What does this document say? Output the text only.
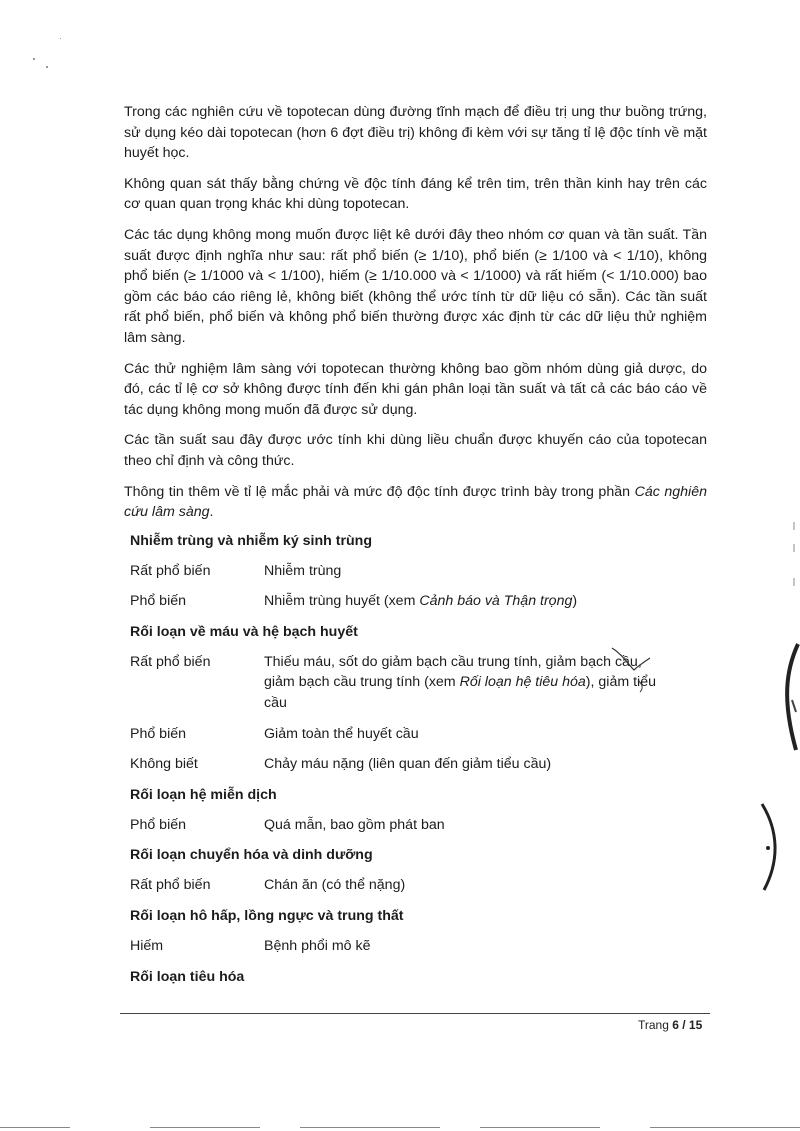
Trong các nghiên cứu về topotecan dùng đường tĩnh mạch để điều trị ung thư buồng trứng, sử dụng kéo dài topotecan (hơn 6 đợt điều trị) không đi kèm với sự tăng tỉ lệ độc tính về mặt huyết học.

Không quan sát thấy bằng chứng về độc tính đáng kể trên tim, trên thần kinh hay trên các cơ quan quan trọng khác khi dùng topotecan.

Các tác dụng không mong muốn được liệt kê dưới đây theo nhóm cơ quan và tần suất. Tần suất được định nghĩa như sau: rất phổ biến (≥ 1/10), phổ biến (≥ 1/100 và < 1/10), không phổ biến (≥ 1/1000 và < 1/100), hiếm (≥ 1/10.000 và < 1/1000) và rất hiếm (< 1/10.000) bao gồm các báo cáo riêng lẻ, không biết (không thể ước tính từ dữ liệu có sẵn). Các tần suất rất phổ biến, phổ biến và không phổ biến thường được xác định từ các dữ liệu thử nghiệm lâm sàng.

Các thử nghiệm lâm sàng với topotecan thường không bao gồm nhóm dùng giả dược, do đó, các tỉ lệ cơ sở không được tính đến khi gán phân loại tần suất và tất cả các báo cáo về tác dụng không mong muốn đã được sử dụng.

Các tần suất sau đây được ước tính khi dùng liều chuẩn được khuyến cáo của topotecan theo chỉ định và công thức.

Thông tin thêm về tỉ lệ mắc phải và mức độ độc tính được trình bày trong phần Các nghiên cứu lâm sàng.

Nhiễm trùng và nhiễm ký sinh trùng
Rất phổ biến	Nhiễm trùng
Phổ biến	Nhiễm trùng huyết (xem Cảnh báo và Thận trọng)
Rối loạn về máu và hệ bạch huyết
Rất phổ biến	Thiếu máu, sốt do giảm bạch cầu trung tính, giảm bạch cầu, giảm bạch cầu trung tính (xem Rối loạn hệ tiêu hóa), giảm tiểu cầu
Phổ biến	Giảm toàn thể huyết cầu
Không biết	Chảy máu nặng (liên quan đến giảm tiểu cầu)
Rối loạn hệ miễn dịch
Phổ biến	Quá mẫn, bao gồm phát ban
Rối loạn chuyển hóa và dinh dưỡng
Rất phổ biến	Chán ăn (có thể nặng)
Rối loạn hô hấp, lồng ngực và trung thất
Hiếm	Bệnh phổi mô kẽ
Rối loạn tiêu hóa
Trang 6 / 15
